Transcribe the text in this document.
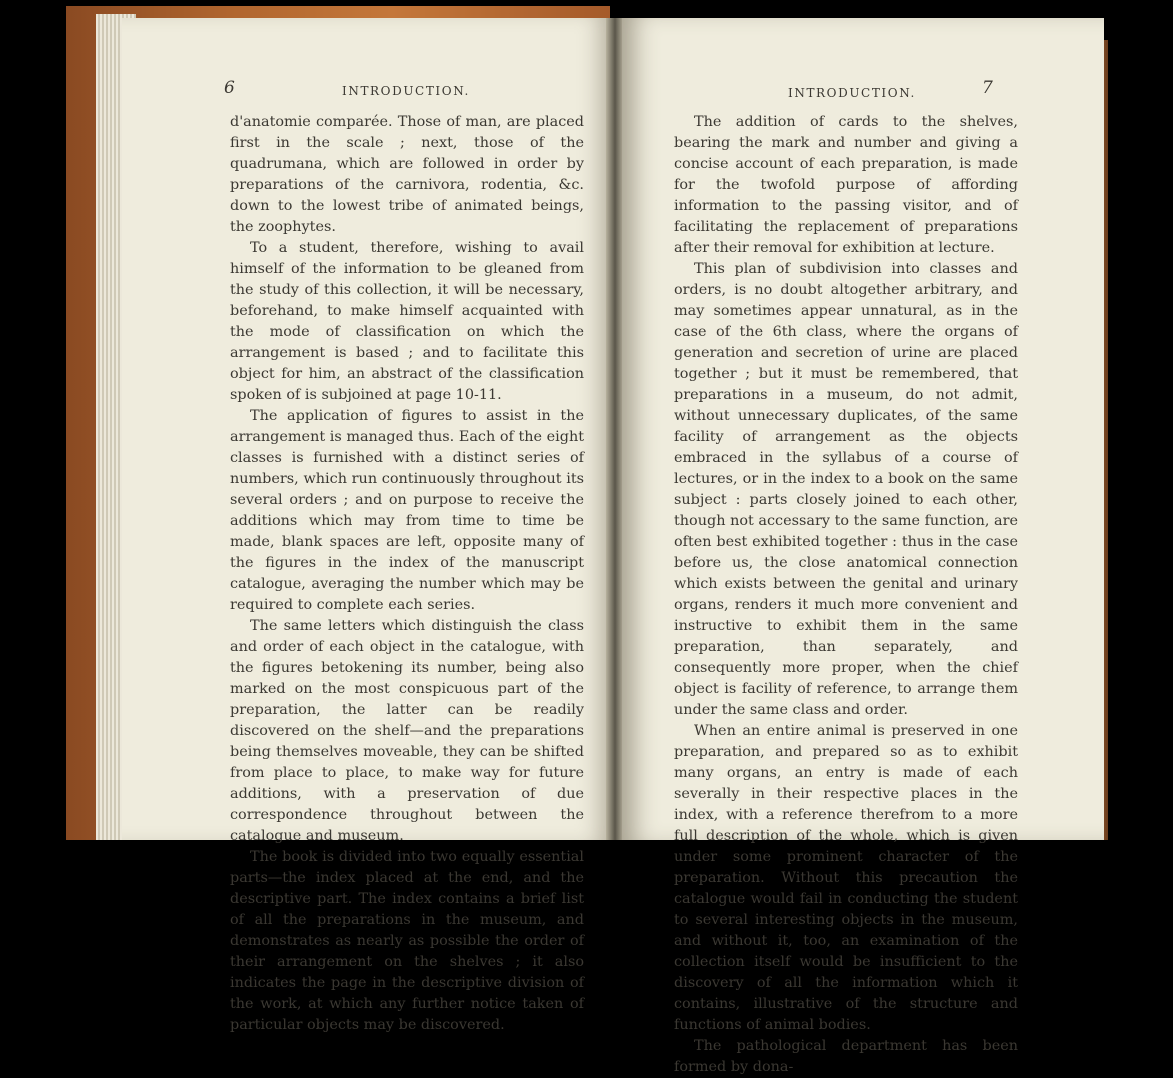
6	INTRODUCTION.

d'anatomie comparée. Those of man, are placed first in the scale ; next, those of the quadrumana, which are followed in order by preparations of the carnivora, rodentia, &c. down to the lowest tribe of animated beings, the zoophytes.

To a student, therefore, wishing to avail himself of the information to be gleaned from the study of this collection, it will be necessary, beforehand, to make himself acquainted with the mode of classification on which the arrangement is based ; and to facilitate this object for him, an abstract of the classification spoken of is subjoined at page 10-11.

The application of figures to assist in the arrangement is managed thus. Each of the eight classes is furnished with a distinct series of numbers, which run continuously throughout its several orders ; and on purpose to receive the additions which may from time to time be made, blank spaces are left, opposite many of the figures in the index of the manuscript catalogue, averaging the number which may be required to complete each series.

The same letters which distinguish the class and order of each object in the catalogue, with the figures betokening its number, being also marked on the most conspicuous part of the preparation, the latter can be readily discovered on the shelf—and the preparations being themselves moveable, they can be shifted from place to place, to make way for future additions, with a preservation of due correspondence throughout between the catalogue and museum.

The book is divided into two equally essential parts—the index placed at the end, and the descriptive part. The index contains a brief list of all the preparations in the museum, and demonstrates as nearly as possible the order of their arrangement on the shelves ; it also indicates the page in the descriptive division of the work, at which any further notice taken of particular objects may be discovered.

INTRODUCTION.	7

The addition of cards to the shelves, bearing the mark and number and giving a concise account of each preparation, is made for the twofold purpose of affording information to the passing visitor, and of facilitating the replacement of preparations after their removal for exhibition at lecture.

This plan of subdivision into classes and orders, is no doubt altogether arbitrary, and may sometimes appear unnatural, as in the case of the 6th class, where the organs of generation and secretion of urine are placed together ; but it must be remembered, that preparations in a museum, do not admit, without unnecessary duplicates, of the same facility of arrangement as the objects embraced in the syllabus of a course of lectures, or in the index to a book on the same subject : parts closely joined to each other, though not accessary to the same function, are often best exhibited together : thus in the case before us, the close anatomical connection which exists between the genital and urinary organs, renders it much more convenient and instructive to exhibit them in the same preparation, than separately, and consequently more proper, when the chief object is facility of reference, to arrange them under the same class and order.

When an entire animal is preserved in one preparation, and prepared so as to exhibit many organs, an entry is made of each severally in their respective places in the index, with a reference therefrom to a more full description of the whole, which is given under some prominent character of the preparation. Without this precaution the catalogue would fail in conducting the student to several interesting objects in the museum, and without it, too, an examination of the collection itself would be insufficient to the discovery of all the information which it contains, illustrative of the structure and functions of animal bodies.

The pathological department has been formed by dona-
